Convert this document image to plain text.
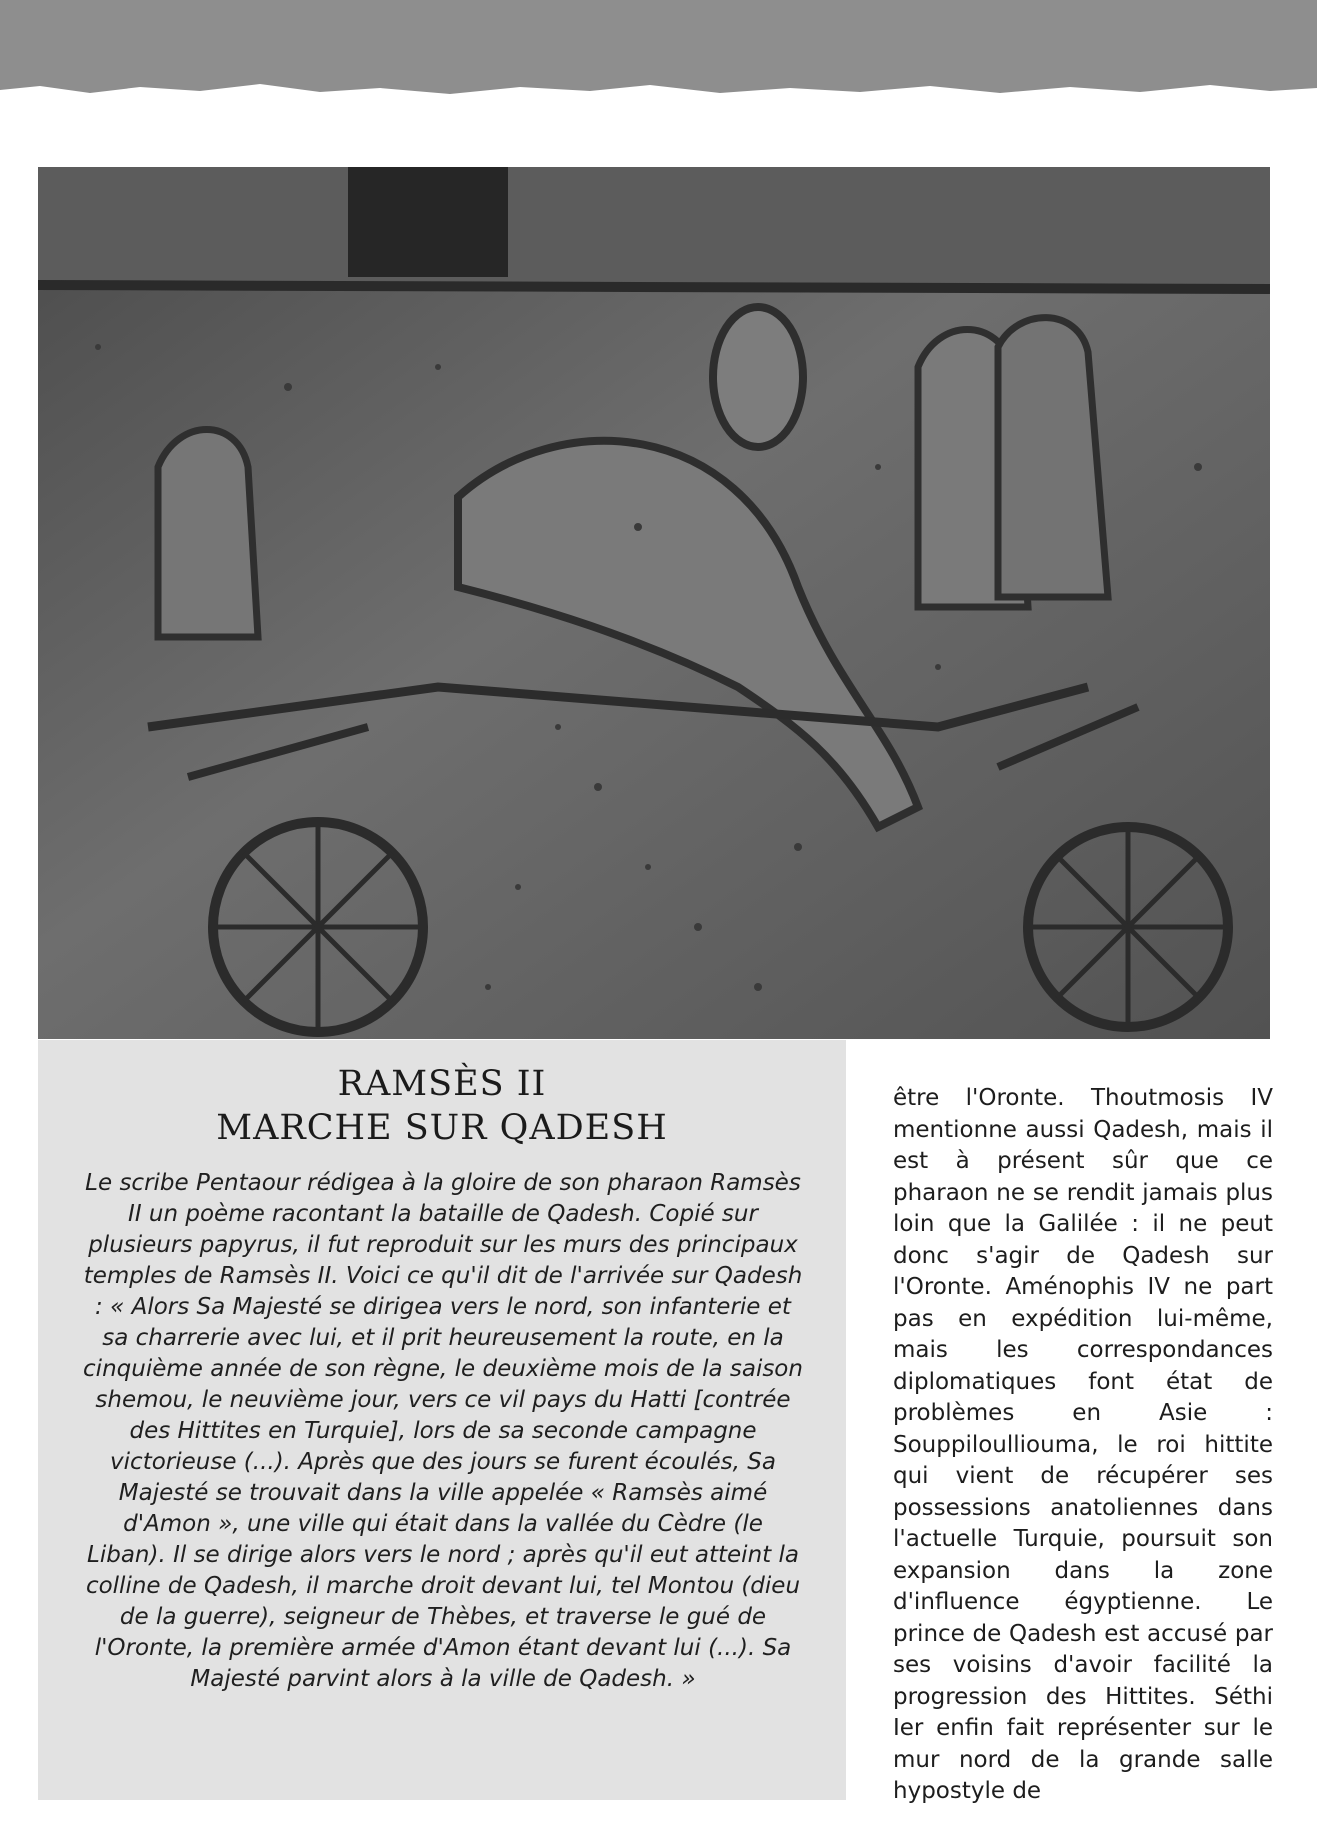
RAMSÈS II
MARCHE SUR QADESH

Le scribe Pentaour rédigea à la gloire de son pharaon Ramsès II un poème racontant la bataille de Qadesh. Copié sur plusieurs papyrus, il fut reproduit sur les murs des principaux temples de Ramsès II. Voici ce qu'il dit de l'arrivée sur Qadesh : « Alors Sa Majesté se dirigea vers le nord, son infanterie et sa charrerie avec lui, et il prit heureusement la route, en la cinquième année de son règne, le deuxième mois de la saison shemou, le neuvième jour, vers ce vil pays du Hatti [contrée des Hittites en Turquie], lors de sa seconde campagne victorieuse (...). Après que des jours se furent écoulés, Sa Majesté se trouvait dans la ville appelée « Ramsès aimé d'Amon », une ville qui était dans la vallée du Cèdre (le Liban). Il se dirige alors vers le nord ; après qu'il eut atteint la colline de Qadesh, il marche droit devant lui, tel Montou (dieu de la guerre), seigneur de Thèbes, et traverse le gué de l'Oronte, la première armée d'Amon étant devant lui (...). Sa Majesté parvint alors à la ville de Qadesh. »

être l'Oronte. Thoutmosis IV mentionne aussi Qadesh, mais il est à présent sûr que ce pharaon ne se rendit jamais plus loin que la Galilée : il ne peut donc s'agir de Qadesh sur l'Oronte. Aménophis IV ne part pas en expédition lui-même, mais les correspondances diplomatiques font état de problèmes en Asie : Souppiloulliouma, le roi hittite qui vient de récupérer ses possessions anatoliennes dans l'actuelle Turquie, poursuit son expansion dans la zone d'influence égyptienne. Le prince de Qadesh est accusé par ses voisins d'avoir facilité la progression des Hittites. Séthi Ier enfin fait représenter sur le mur nord de la grande salle hypostyle de
